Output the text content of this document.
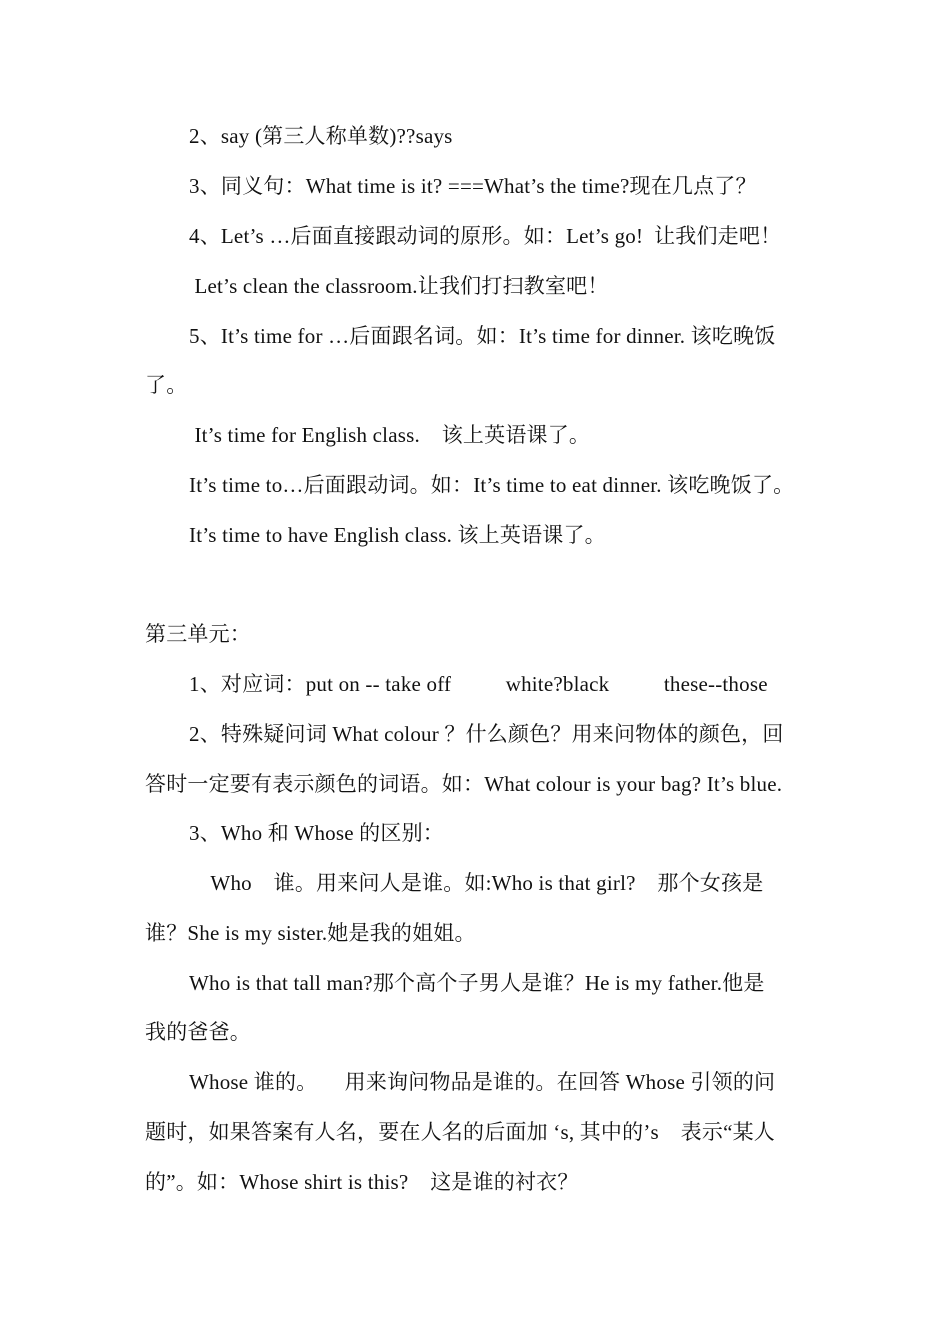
2、say (第三人称单数)??says
3、同义句：What time is it? ===What’s the time?现在几点了？
4、Let’s …后面直接跟动词的原形。如：Let’s go!  让我们走吧！
Let’s clean the classroom.让我们打扫教室吧！
5、It’s time for …后面跟名词。如：It’s time for dinner. 该吃晚饭
了。
It’s time for English class.    该上英语课了。
It’s time to…后面跟动词。如：It’s time to eat dinner. 该吃晚饭了。
It’s time to have English class. 该上英语课了。
第三单元：
1、对应词：put on -- take off          white?black          these--those
2、特殊疑问词 What colour ？什么颜色？用来问物体的颜色，回
答时一定要有表示颜色的词语。如：What colour is your bag? It’s blue.
3、Who 和 Whose 的区别：
Who    谁。用来问人是谁。如:Who is that girl?    那个女孩是
谁？She is my sister.她是我的姐姐。
Who is that tall man?那个高个子男人是谁？He is my father.他是
我的爸爸。
Whose 谁的。     用来询问物品是谁的。在回答 Whose 引领的问
题时，如果答案有人名，要在人名的后面加 ‘s, 其中的’s    表示“某人
的”。如：Whose shirt is this?    这是谁的衬衣？
